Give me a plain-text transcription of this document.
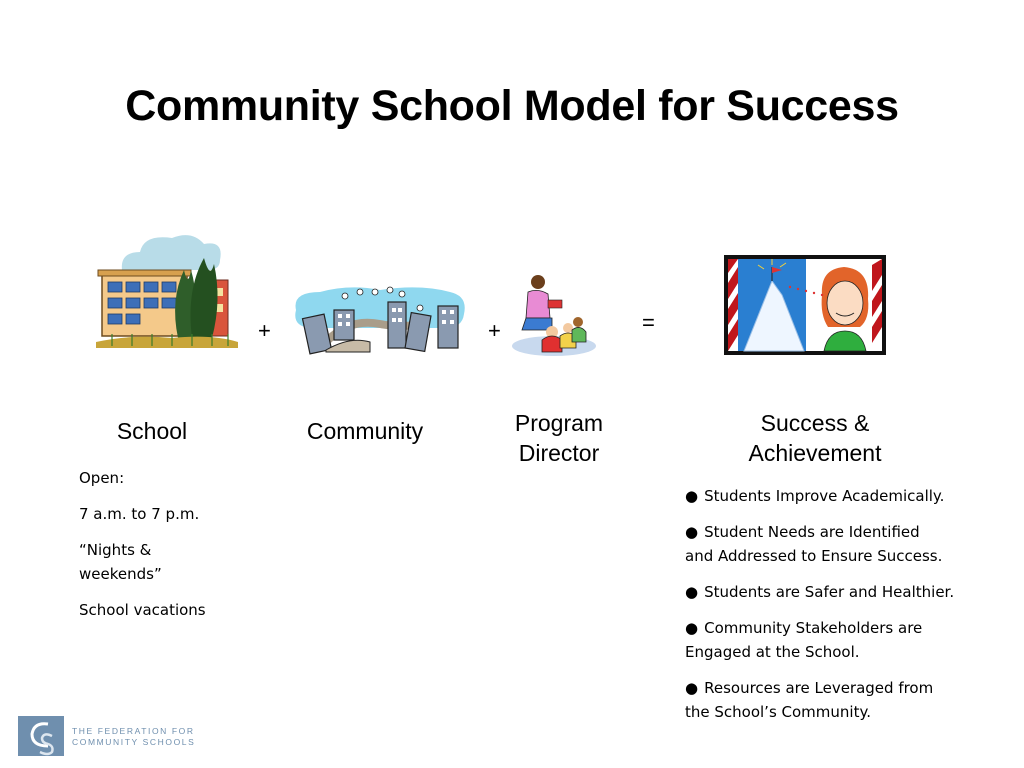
Community School Model for Success
+	+	=
School	Community	Program
Director
Success &
Achievement

Open:

7 a.m. to 7 p.m.

“Nights &
weekends”

School vacations

● Students Improve Academically.

● Student Needs are Identified
and Addressed to Ensure Success.

● Students are Safer and Healthier.

● Community Stakeholders are
Engaged at the School.

● Resources are Leveraged from
the School’s Community.

THE FEDERATION FOR
COMMUNITY SCHOOLS
